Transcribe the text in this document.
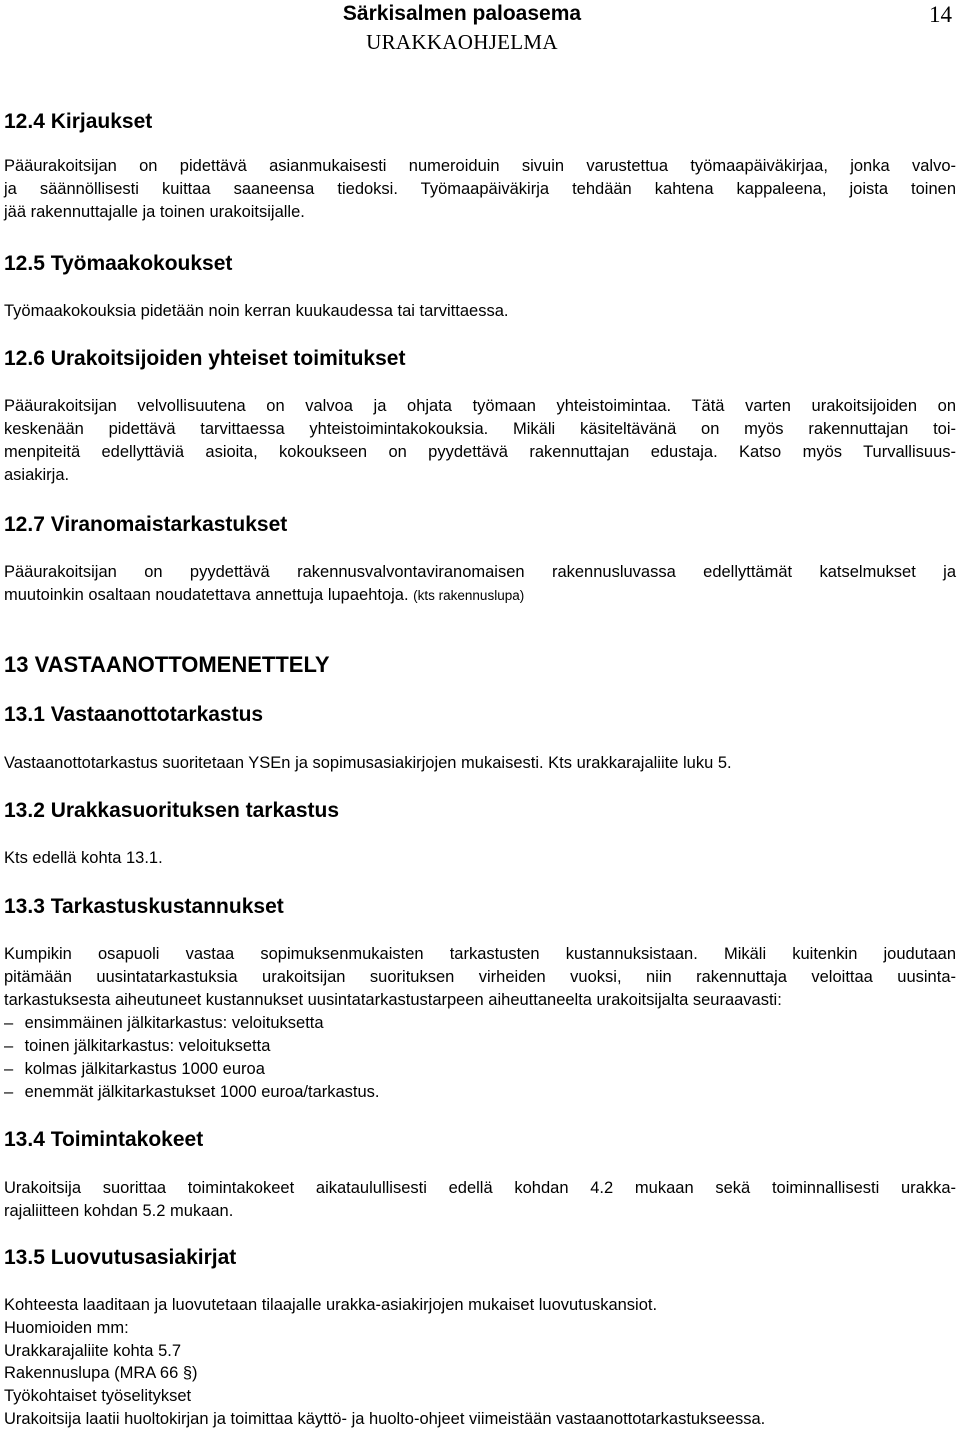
Särkisalmen paloasema
URAKKAOHJELMA
14
12.4 Kirjaukset
Pääurakoitsijan on pidettävä asianmukaisesti numeroiduin sivuin varustettua työmaapäiväkirjaa, jonka valvo-
ja säännöllisesti kuittaa saaneensa tiedoksi. Työmaapäiväkirja tehdään kahtena kappaleena, joista toinen
jää rakennuttajalle ja toinen urakoitsijalle.
12.5 Työmaakokoukset
Työmaakokouksia pidetään noin kerran kuukaudessa tai tarvittaessa.
12.6 Urakoitsijoiden yhteiset toimitukset
Pääurakoitsijan velvollisuutena on valvoa ja ohjata työmaan yhteistoimintaa. Tätä varten urakoitsijoiden on
keskenään pidettävä tarvittaessa yhteistoimintakokouksia. Mikäli käsiteltävänä on myös rakennuttajan toi-
menpiteitä edellyttäviä asioita, kokoukseen on pyydettävä rakennuttajan edustaja. Katso myös Turvallisuus-
asiakirja.
12.7 Viranomaistarkastukset
Pääurakoitsijan on pyydettävä rakennusvalvontaviranomaisen rakennusluvassa edellyttämät katselmukset ja
muutoinkin osaltaan noudatettava annettuja lupaehtoja. (kts rakennuslupa)
13 VASTAANOTTOMENETTELY
13.1 Vastaanottotarkastus
Vastaanottotarkastus suoritetaan YSEn ja sopimusasiakirjojen mukaisesti. Kts urakkarajaliite luku 5.
13.2 Urakkasuorituksen tarkastus
Kts edellä kohta 13.1.
13.3 Tarkastuskustannukset
Kumpikin osapuoli vastaa sopimuksenmukaisten tarkastusten kustannuksistaan. Mikäli kuitenkin joudutaan
pitämään uusintatarkastuksia urakoitsijan suorituksen virheiden vuoksi, niin rakennuttaja veloittaa uusinta-
tarkastuksesta aiheutuneet kustannukset uusintatarkastustarpeen aiheuttaneelta urakoitsijalta seuraavasti:
– ensimmäinen jälkitarkastus: veloituksetta
– toinen jälkitarkastus: veloituksetta
– kolmas jälkitarkastus 1000 euroa
– enemmät jälkitarkastukset 1000 euroa/tarkastus.
13.4 Toimintakokeet
Urakoitsija suorittaa toimintakokeet aikataulullisesti edellä kohdan 4.2 mukaan sekä toiminnallisesti urakka-
rajaliitteen kohdan 5.2 mukaan.
13.5 Luovutusasiakirjat
Kohteesta laaditaan ja luovutetaan tilaajalle urakka-asiakirjojen mukaiset luovutuskansiot.
Huomioiden mm:
Urakkarajaliite kohta 5.7
Rakennuslupa (MRA 66 §)
Työkohtaiset työselitykset
Urakoitsija laatii huoltokirjan ja toimittaa käyttö- ja huolto-ohjeet viimeistään vastaanottotarkastukseessa.
